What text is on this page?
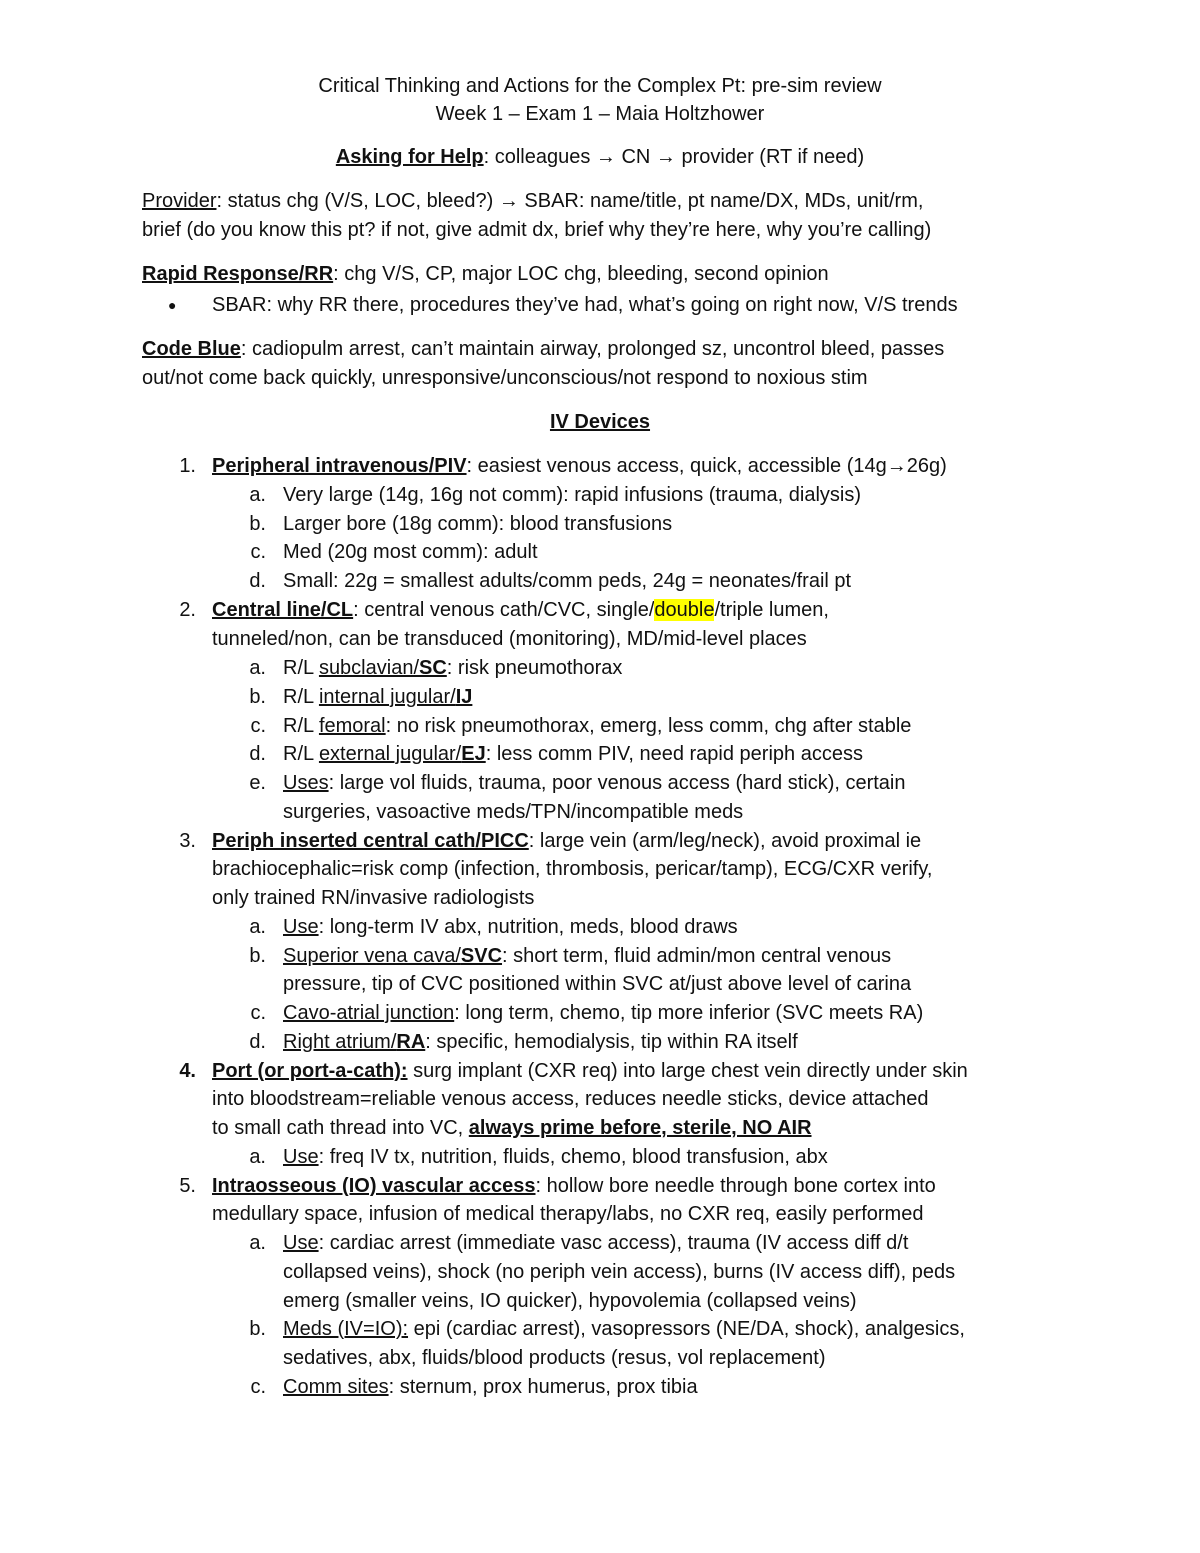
Critical Thinking and Actions for the Complex Pt: pre-sim review
Week 1 – Exam 1 – Maia Holtzhower
Asking for Help: colleagues → CN → provider (RT if need)
Provider: status chg (V/S, LOC, bleed?) → SBAR: name/title, pt name/DX, MDs, unit/rm,
brief (do you know this pt? if not, give admit dx, brief why they’re here, why you’re calling)
Rapid Response/RR: chg V/S, CP, major LOC chg, bleeding, second opinion
● SBAR: why RR there, procedures they’ve had, what’s going on right now, V/S trends
Code Blue: cadiopulm arrest, can’t maintain airway, prolonged sz, uncontrol bleed, passes
out/not come back quickly, unresponsive/unconscious/not respond to noxious stim
IV Devices
1. Peripheral intravenous/PIV: easiest venous access, quick, accessible (14g→26g)
a. Very large (14g, 16g not comm): rapid infusions (trauma, dialysis)
b. Larger bore (18g comm): blood transfusions
c. Med (20g most comm): adult
d. Small: 22g = smallest adults/comm peds, 24g = neonates/frail pt
2. Central line/CL: central venous cath/CVC, single/double/triple lumen,
tunneled/non, can be transduced (monitoring), MD/mid-level places
a. R/L subclavian/SC: risk pneumothorax
b. R/L internal jugular/IJ
c. R/L femoral: no risk pneumothorax, emerg, less comm, chg after stable
d. R/L external jugular/EJ: less comm PIV, need rapid periph access
e. Uses: large vol fluids, trauma, poor venous access (hard stick), certain
surgeries, vasoactive meds/TPN/incompatible meds
3. Periph inserted central cath/PICC: large vein (arm/leg/neck), avoid proximal ie
brachiocephalic=risk comp (infection, thrombosis, pericar/tamp), ECG/CXR verify,
only trained RN/invasive radiologists
a. Use: long-term IV abx, nutrition, meds, blood draws
b. Superior vena cava/SVC: short term, fluid admin/mon central venous
pressure, tip of CVC positioned within SVC at/just above level of carina
c. Cavo-atrial junction: long term, chemo, tip more inferior (SVC meets RA)
d. Right atrium/RA: specific, hemodialysis, tip within RA itself
4. Port (or port-a-cath): surg implant (CXR req) into large chest vein directly under skin
into bloodstream=reliable venous access, reduces needle sticks, device attached
to small cath thread into VC, always prime before, sterile, NO AIR
a. Use: freq IV tx, nutrition, fluids, chemo, blood transfusion, abx
5. Intraosseous (IO) vascular access: hollow bore needle through bone cortex into
medullary space, infusion of medical therapy/labs, no CXR req, easily performed
a. Use: cardiac arrest (immediate vasc access), trauma (IV access diff d/t
collapsed veins), shock (no periph vein access), burns (IV access diff), peds
emerg (smaller veins, IO quicker), hypovolemia (collapsed veins)
b. Meds (IV=IO): epi (cardiac arrest), vasopressors (NE/DA, shock), analgesics,
sedatives, abx, fluids/blood products (resus, vol replacement)
c. Comm sites: sternum, prox humerus, prox tibia
